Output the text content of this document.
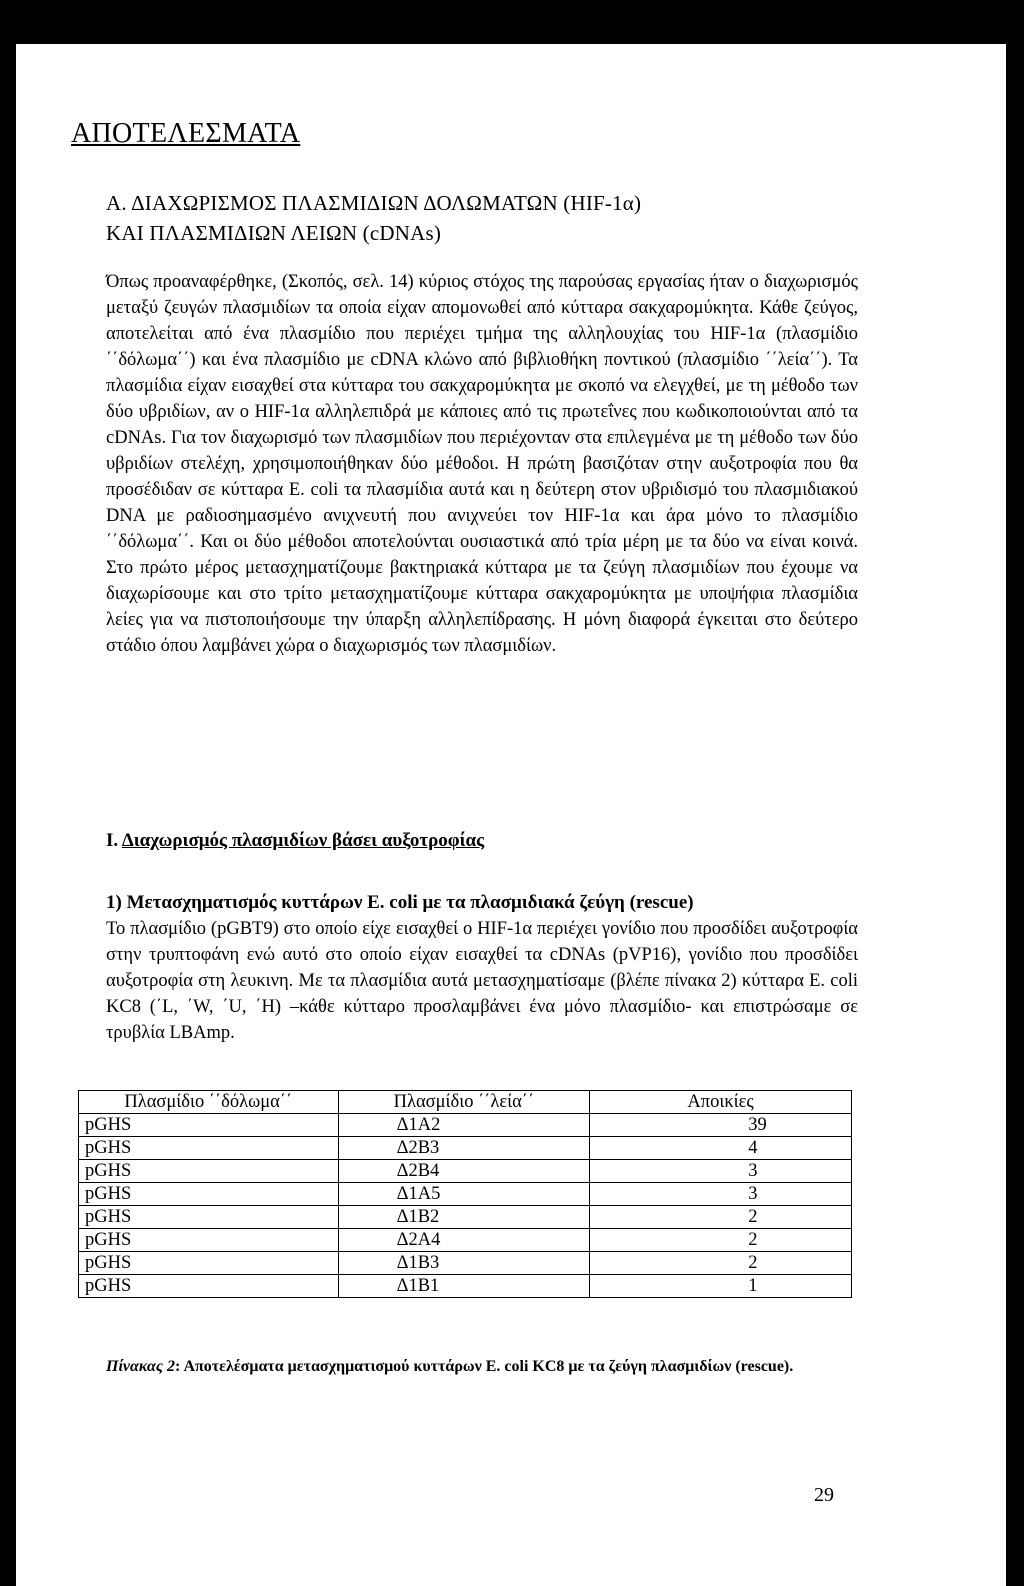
ΑΠΟΤΕΛΕΣΜΑΤΑ
Α. ΔΙΑΧΩΡΙΣΜΟΣ ΠΛΑΣΜΙΔΙΩΝ ΔΟΛΩΜΑΤΩΝ (HIF-1α)
ΚΑΙ ΠΛΑΣΜΙΔΙΩΝ ΛΕΙΩΝ (cDNAs)

Όπως προαναφέρθηκε, (Σκοπός, σελ. 14) κύριος στόχος της παρούσας εργασίας ήταν ο διαχωρισμός μεταξύ ζευγών πλασμιδίων τα οποία είχαν απομονωθεί από κύτταρα σακχαρομύκητα. Κάθε ζεύγος, αποτελείται από ένα πλασμίδιο που περιέχει τμήμα της αλληλουχίας του HIF-1α (πλασμίδιο ΄΄δόλωμα΄΄) και ένα πλασμίδιο με cDNA κλώνο από βιβλιοθήκη ποντικού (πλασμίδιο ΄΄λεία΄΄). Τα πλασμίδια είχαν εισαχθεί στα κύτταρα του σακχαρομύκητα με σκοπό να ελεγχθεί, με τη μέθοδο των δύο υβριδίων, αν ο HIF-1α αλληλεπιδρά με κάποιες από τις πρωτεΐνες που κωδικοποιούνται από τα cDNAs. Για τον διαχωρισμό των πλασμιδίων που περιέχονταν στα επιλεγμένα με τη μέθοδο των δύο υβριδίων στελέχη, χρησιμοποιήθηκαν δύο μέθοδοι. Η πρώτη βασιζόταν στην αυξοτροφία που θα προσέδιδαν σε κύτταρα E. coli τα πλασμίδια αυτά και η δεύτερη στον υβριδισμό του πλασμιδιακού DNA με ραδιοσημασμένο ανιχνευτή που ανιχνεύει τον HIF-1α και άρα μόνο το πλασμίδιο ΄΄δόλωμα΄΄. Και οι δύο μέθοδοι αποτελούνται ουσιαστικά από τρία μέρη με τα δύο να είναι κοινά. Στο πρώτο μέρος μετασχηματίζουμε βακτηριακά κύτταρα με τα ζεύγη πλασμιδίων που έχουμε να διαχωρίσουμε και στο τρίτο μετασχηματίζουμε κύτταρα σακχαρομύκητα με υποψήφια πλασμίδια λείες για να πιστοποιήσουμε την ύπαρξη αλληλεπίδρασης. Η μόνη διαφορά έγκειται στο δεύτερο στάδιο όπου λαμβάνει χώρα ο διαχωρισμός των πλασμιδίων.

Ι. Διαχωρισμός πλασμιδίων βάσει αυξοτροφίας

1) Μετασχηματισμός κυττάρων E. coli με τα πλασμιδιακά ζεύγη (rescue)
Το πλασμίδιο (pGBT9) στο οποίο είχε εισαχθεί ο HIF-1α περιέχει γονίδιο που προσδίδει αυξοτροφία στην τρυπτοφάνη ενώ αυτό στο οποίο είχαν εισαχθεί τα cDNAs (pVP16), γονίδιο που προσδίδει αυξοτροφία στη λευκινη. Με τα πλασμίδια αυτά μετασχηματίσαμε (βλέπε πίνακα 2) κύτταρα E. coli KC8 (΄L, ΄W, ΄U, ΄H) –κάθε κύτταρο προσλαμβάνει ένα μόνο πλασμίδιο- και επιστρώσαμε σε τρυβλία LBAmp.

Πλασμίδιο ΄΄δόλωμα΄΄	Πλασμίδιο ΄΄λεία΄΄	Αποικίες
pGHS	Δ1Α2	39
pGHS	Δ2Β3	4
pGHS	Δ2Β4	3
pGHS	Δ1Α5	3
pGHS	Δ1Β2	2
pGHS	Δ2Α4	2
pGHS	Δ1Β3	2
pGHS	Δ1Β1	1
Πίνακας 2: Αποτελέσματα μετασχηματισμού κυττάρων E. coli KC8 με τα ζεύγη πλασμιδίων (rescue).
29
